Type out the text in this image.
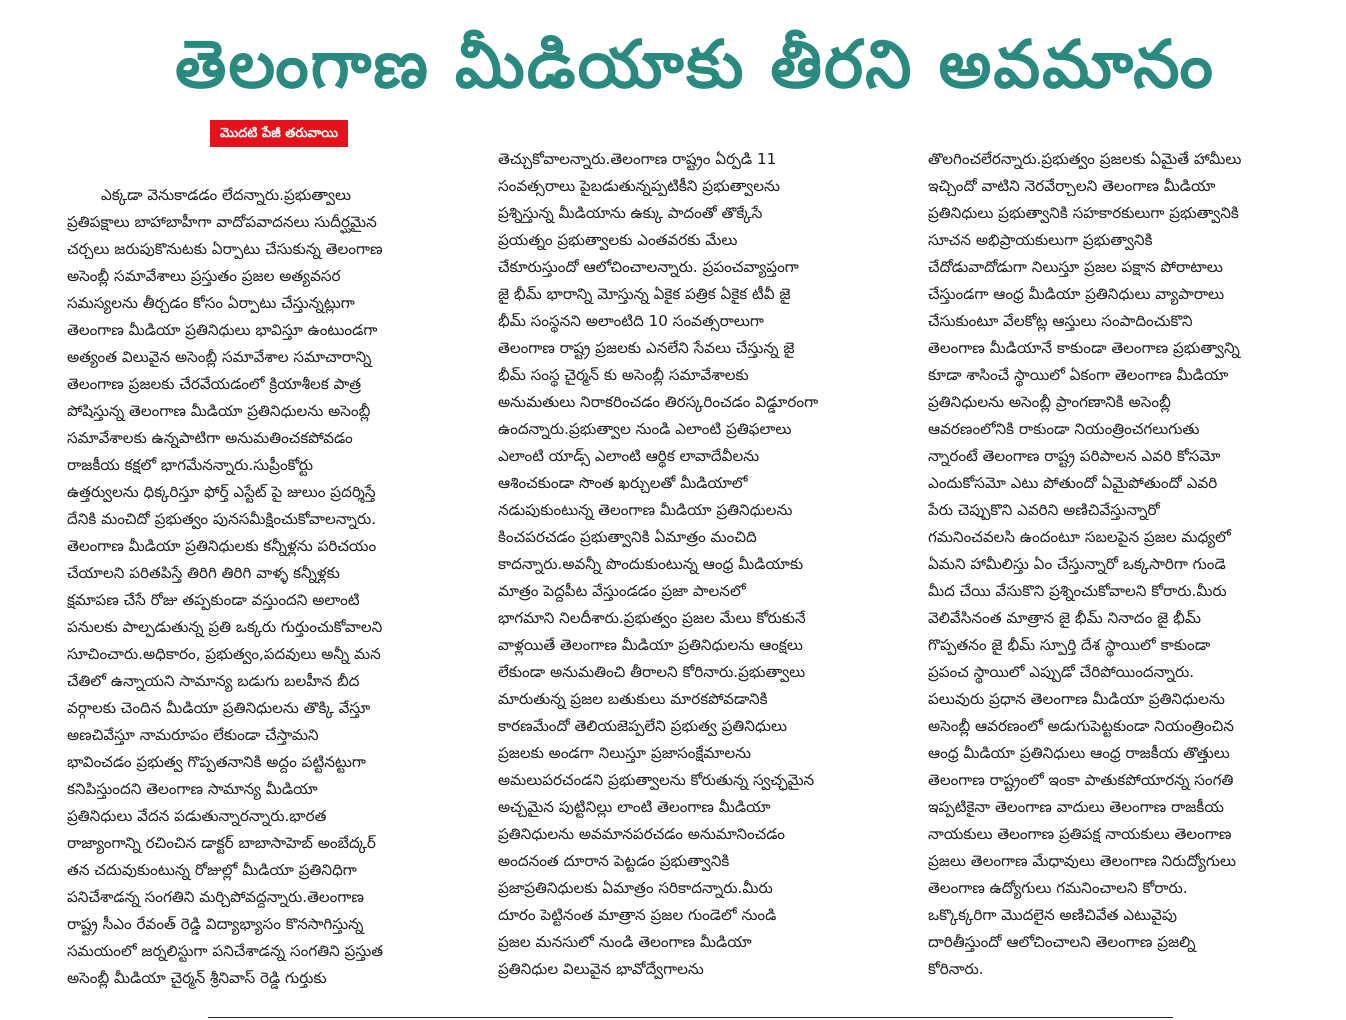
తెలంగాణ మీడియాకు తీరని అవమానం
మొదటి పేజీ తరువాయి
ఎక్కడా వెనుకాడడం లేదన్నారు.ప్రభుత్వాలు
ప్రతిపక్షాలు బాహాబాహీగా వాదోపవాదనలు సుదీర్ఘమైన
చర్చలు జరుపుకొనుటకు ఏర్పాటు చేసుకున్న తెలంగాణ
అసెంబ్లీ సమావేశాలు ప్రస్తుతం ప్రజల అత్యవసర
సమస్యలను తీర్చడం కోసం ఏర్పాటు చేస్తున్నట్లుగా
తెలంగాణ మీడియా ప్రతినిధులు భావిస్తూ ఉంటుండగా
అత్యంత విలువైన అసెంబ్లీ సమావేశాల సమాచారాన్ని
తెలంగాణ ప్రజలకు చేరవేయడంలో క్రియాశీలక పాత్ర
పోషిస్తున్న తెలంగాణ మీడియా ప్రతినిధులను అసెంబ్లీ
సమావేశాలకు ఉన్నపాటిగా అనుమతించకపోవడం
రాజకీయ కక్షలో భాగమేనన్నారు.సుప్రీంకోర్టు
ఉత్తర్వులను ధిక్కరిస్తూ ఫోర్త్ ఎస్టేట్ పై జులుం ప్రదర్శిస్తే
దేనికి మంచిదో ప్రభుత్వం పునసమీక్షించుకోవాలన్నారు.
తెలంగాణ మీడియా ప్రతినిధులకు కన్నీళ్లను పరిచయం
చేయాలని పరితపిస్తే తిరిగి తిరిగి వాళ్ళ కన్నీళ్లకు
క్షమాపణ చేసే రోజు తప్పకుండా వస్తుందని అలాంటి
పనులకు పాల్పడుతున్న ప్రతి ఒక్కరు గుర్తుంచుకోవాలని
సూచించారు.అధికారం, ప్రభుత్వం,పదవులు అన్నీ మన
చేతిలో ఉన్నాయని సామాన్య బడుగు బలహీన బీద
వర్గాలకు చెందిన మీడియా ప్రతినిధులను తొక్కి వేస్తూ
అణచివేస్తూ నామరూపం లేకుండా చేస్తామని
భావించడం ప్రభుత్వ గొప్పతనానికి అద్దం పట్టినట్టుగా
కనిపిస్తుందని తెలంగాణ సామాన్య మీడియా
ప్రతినిధులు వేదన పడుతున్నారన్నారు.భారత
రాజ్యాంగాన్ని రచించిన డాక్టర్ బాబాసాహెబ్ అంబేద్కర్
తన చదువుకుంటున్న రోజుల్లో మీడియా ప్రతినిధిగా
పనిచేశాడన్న సంగతిని మర్చిపోవద్దన్నారు.తెలంగాణ
రాష్ట్ర సీఎం రేవంత్ రెడ్డి విద్యాభ్యాసం కొనసాగిస్తున్న
సమయంలో జర్నలిస్టుగా పనిచేశాడన్న సంగతిని ప్రస్తుత
అసెంబ్లీ మీడియా చైర్మన్ శ్రీనివాస్ రెడ్డి గుర్తుకు
తెచ్చుకోవాలన్నారు.తెలంగాణ రాష్ట్రం ఏర్పడి 11
సంవత్సరాలు పైబడుతున్నప్పటికీని ప్రభుత్వాలను
ప్రశ్నిస్తున్న మీడియాను ఉక్కు పాదంతో తొక్కేసే
ప్రయత్నం ప్రభుత్వాలకు ఎంతవరకు మేలు
చేకూరుస్తుందో ఆలోచించాలన్నారు. ప్రపంచవ్యాప్తంగా
జై భీమ్ భారాన్ని మోస్తున్న ఏకైక పత్రిక ఏకైక టీవీ జై
భీమ్ సంస్థనని అలాంటిది 10 సంవత్సరాలుగా
తెలంగాణ రాష్ట్ర ప్రజలకు ఎనలేని సేవలు చేస్తున్న జై
భీమ్ సంస్థ చైర్మన్ కు అసెంబ్లీ సమావేశాలకు
అనుమతులు నిరాకరించడం తిరస్కరించడం విడ్డూరంగా
ఉందన్నారు.ప్రభుత్వాల నుండి ఎలాంటి ప్రతిఫలాలు
ఎలాంటి యాడ్స్ ఎలాంటి ఆర్థిక లావాదేవీలను
ఆశించకుండా సొంత ఖర్చులతో మీడియాలో
నడుపుకుంటున్న తెలంగాణ మీడియా ప్రతినిధులను
కించపరచడం ప్రభుత్వానికి ఏమాత్రం మంచిది
కాదన్నారు.అవన్నీ పొందుకుంటున్న ఆంధ్ర మీడియాకు
మాత్రం పెద్దపీట వేస్తుండడం ప్రజా పాలనలో
భాగమాని నిలదీశారు.ప్రభుత్వం ప్రజల మేలు కోరుకునే
వాళ్లయితే తెలంగాణ మీడియా ప్రతినిధులను ఆంక్షలు
లేకుండా అనుమతించి తీరాలని కోరినారు.ప్రభుత్వాలు
మారుతున్న ప్రజల బతుకులు మారకపోవడానికి
కారణమేందో తెలియజెప్పలేని ప్రభుత్వ ప్రతినిధులు
ప్రజలకు అండగా నిలుస్తూ ప్రజాసంక్షేమాలను
అమలుపరచండని ప్రభుత్వాలను కోరుతున్న స్వచ్ఛమైన
అచ్చమైన పుట్టినిల్లు లాంటి తెలంగాణ మీడియా
ప్రతినిధులను అవమానపరచడం అనుమానించడం
అందనంత దూరాన పెట్టడం ప్రభుత్వానికి
ప్రజాప్రతినిధులకు ఏమాత్రం సరికాదన్నారు.మీరు
దూరం పెట్టినంత మాత్రాన ప్రజల గుండెలో నుండి
ప్రజల మనసులో నుండి తెలంగాణ మీడియా
ప్రతినిధుల విలువైన భావోద్వేగాలను
తొలగించలేరన్నారు.ప్రభుత్వం ప్రజలకు ఏమైతే హామీలు
ఇచ్చిందో వాటిని నెరవేర్చాలని తెలంగాణ మీడియా
ప్రతినిధులు ప్రభుత్వానికి సహకారకులుగా ప్రభుత్వానికి
సూచన అభిప్రాయకులుగా ప్రభుత్వానికి
చేదోడువాదోడుగా నిలుస్తూ ప్రజల పక్షాన పోరాటాలు
చేస్తుండగా ఆంధ్ర మీడియా ప్రతినిధులు వ్యాపారాలు
చేసుకుంటూ వేలకోట్ల ఆస్తులు సంపాదించుకొని
తెలంగాణ మీడియానే కాకుండా తెలంగాణ ప్రభుత్వాన్ని
కూడా శాసించే స్థాయిలో ఏకంగా తెలంగాణ మీడియా
ప్రతినిధులను అసెంబ్లీ ప్రాంగణానికి అసెంబ్లీ
ఆవరణంలోనికి రాకుండా నియంత్రించగలుగుతు
న్నారంటే తెలంగాణ రాష్ట్ర పరిపాలన ఎవరి కోసమో
ఎందుకోసమో ఎటు పోతుందో ఏమైపోతుందో ఎవరి
పేరు చెప్పుకొని ఎవరిని అణిచివేస్తున్నారో
గమనించవలసి ఉందంటూ సబలపైన ప్రజల మధ్యలో
ఏమని హామీలిస్తు ఏం చేస్తున్నారో ఒక్కసారిగా గుండె
మీద చేయి వేసుకొని ప్రశ్నించుకోవాలని కోరారు.మీరు
వెలివేసినంత మాత్రాన జై భీమ్ నినాదం జై భీమ్
గొప్పతనం జై భీమ్ స్పూర్తి దేశ స్థాయిలో కాకుండా
ప్రపంచ స్థాయిలో ఎప్పుడో చేరిపోయిందన్నారు.
పలువురు ప్రధాన తెలంగాణ మీడియా ప్రతినిధులను
అసెంబ్లీ ఆవరణంలో అడుగుపెట్టకుండా నియంత్రించిన
ఆంధ్ర మీడియా ప్రతినిధులు ఆంధ్ర రాజకీయ తొత్తులు
తెలంగాణ రాష్ట్రంలో ఇంకా పాతుకపోయారన్న సంగతి
ఇప్పటికైనా తెలంగాణ వాదులు తెలంగాణ రాజకీయ
నాయకులు తెలంగాణ ప్రతిపక్ష నాయకులు తెలంగాణ
ప్రజలు తెలంగాణ మేధావులు తెలంగాణ నిరుద్యోగులు
తెలంగాణ ఉద్యోగులు గమనించాలని కోరారు.
ఒక్కొక్కరిగా మొదలైన అణిచివేత ఎటువైపు
దారితీస్తుందో ఆలోచించాలని తెలంగాణ ప్రజల్ని
కోరినారు.
